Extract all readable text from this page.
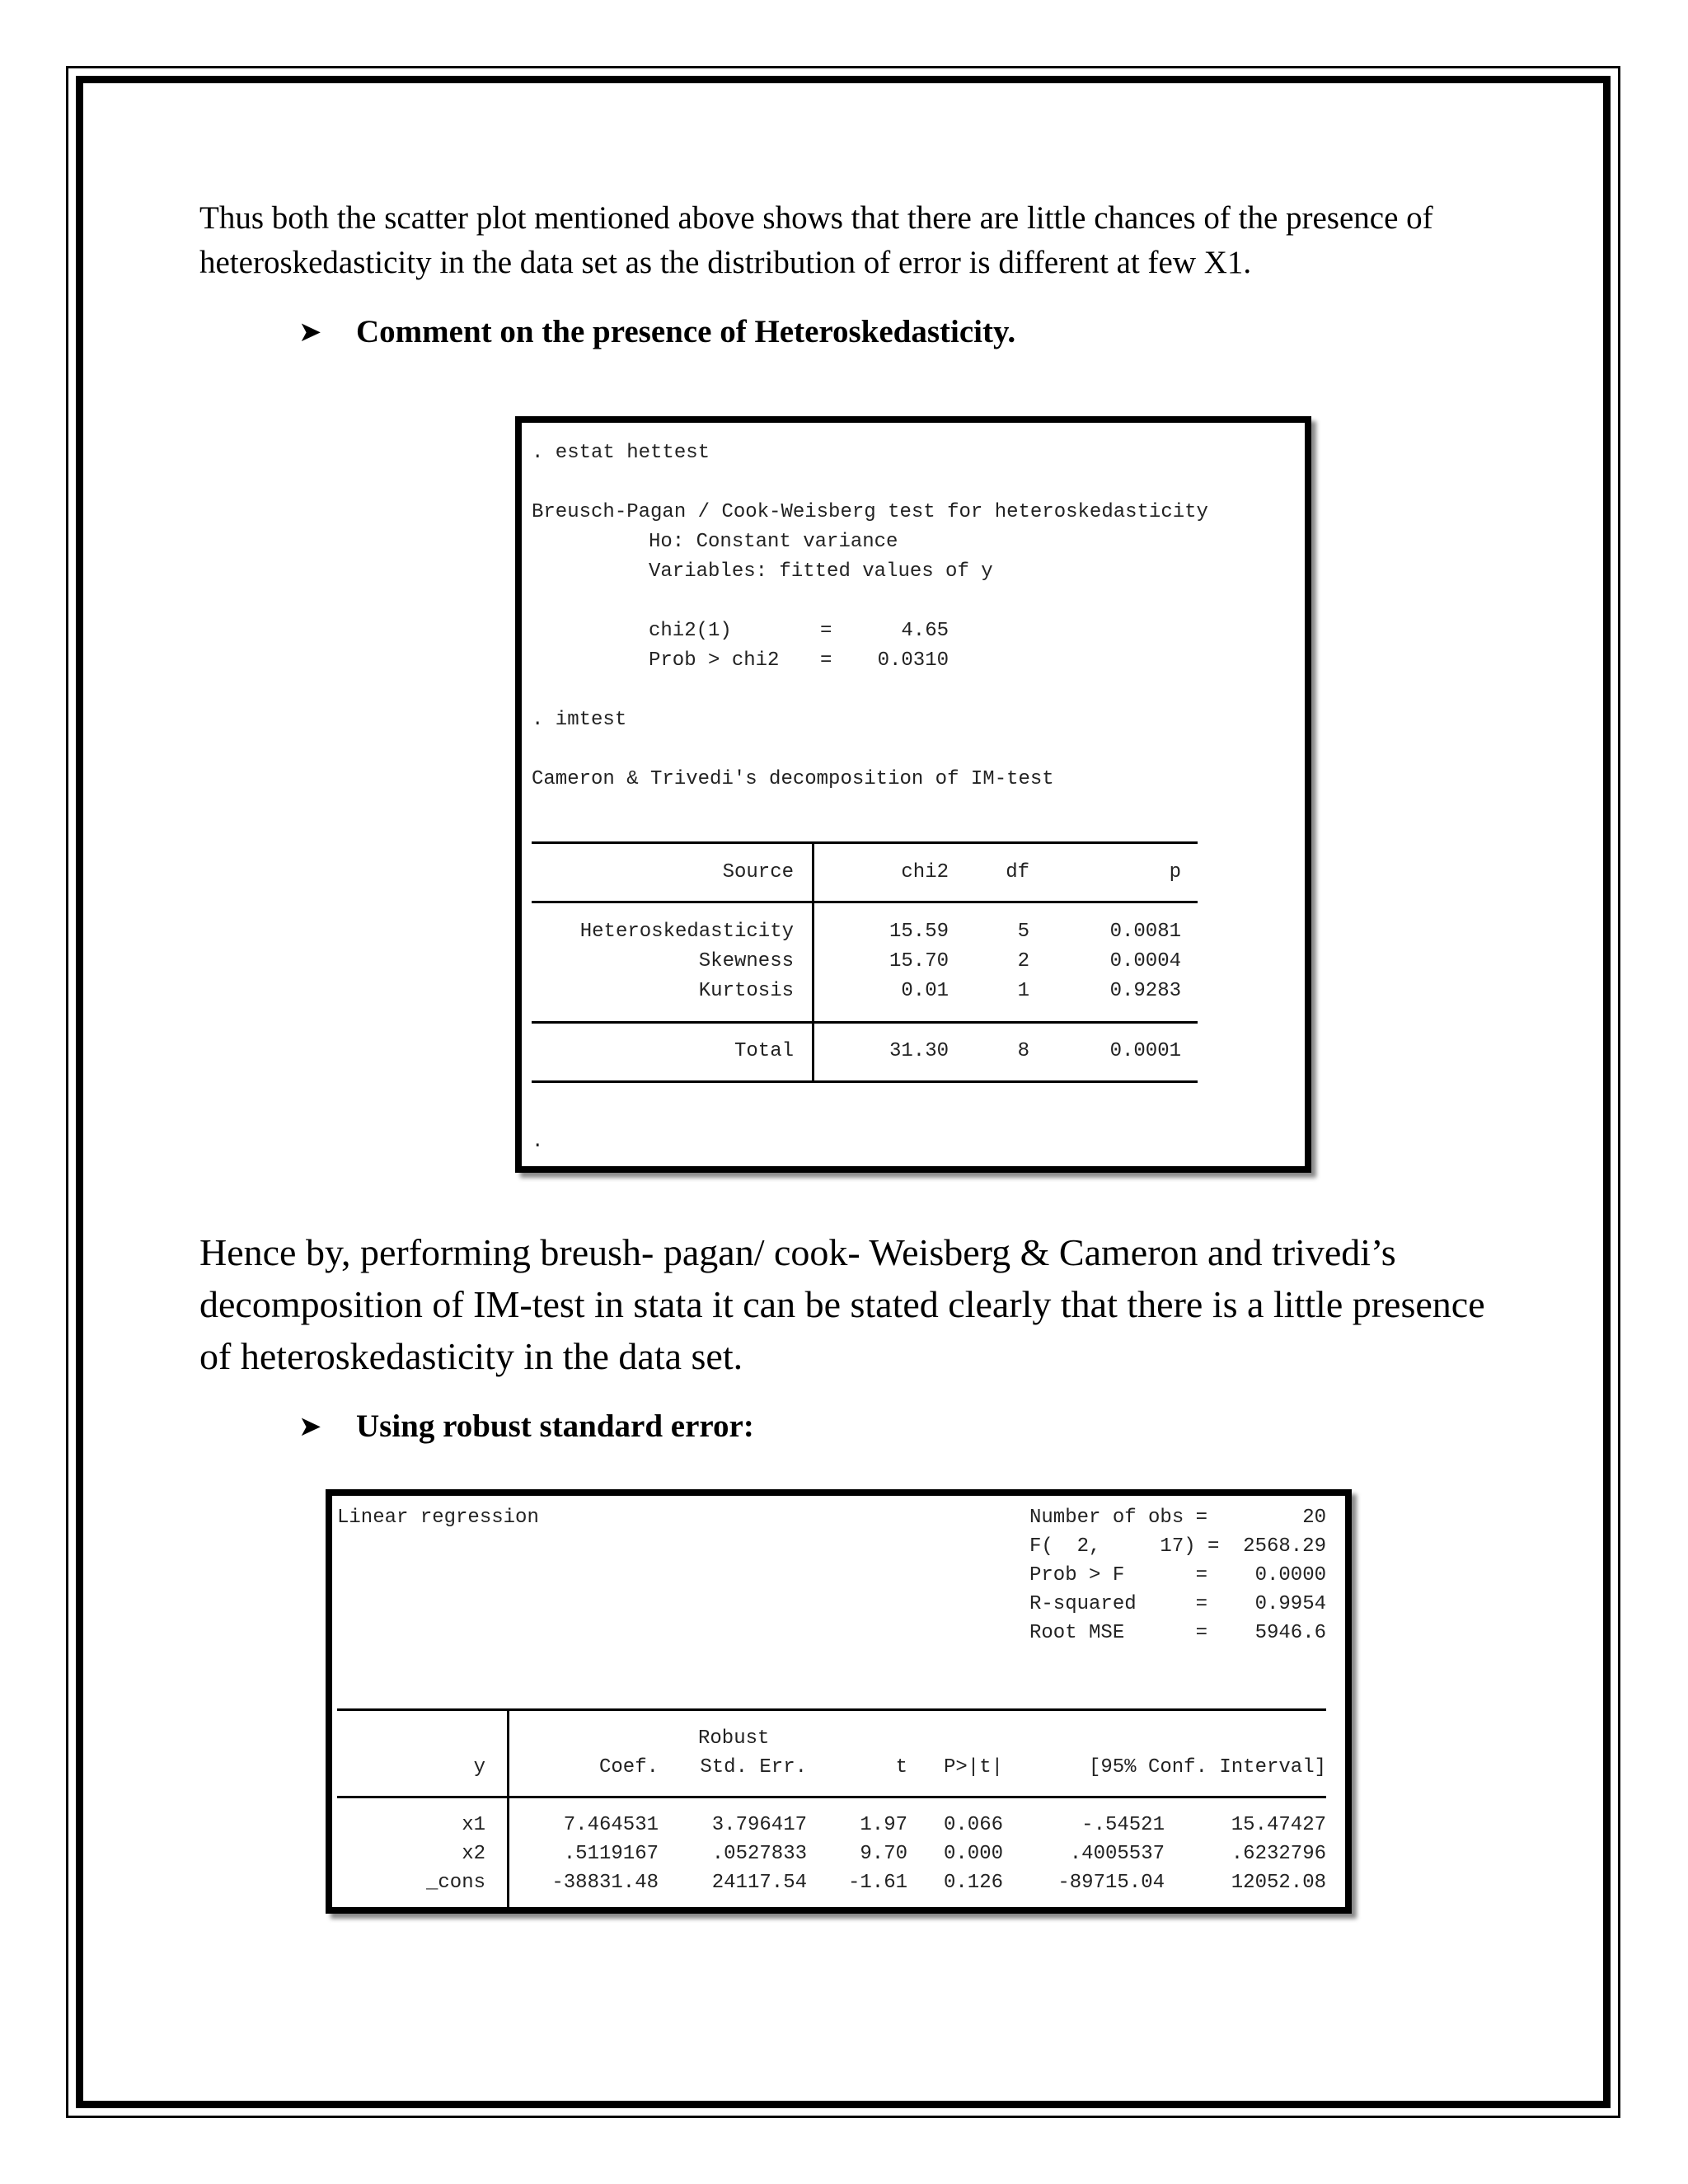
Thus both the scatter plot mentioned above shows that there are little chances of the presence of heteroskedasticity in the data set as the distribution of error is different at few X1.
➤	Comment on the presence of Heteroskedasticity.
. estat hettest
Breusch-Pagan / Cook-Weisberg test for heteroskedasticity
Ho: Constant variance
Variables: fitted values of y
chi2(1)	=	4.65
Prob > chi2 =	0.0310
. imtest
Cameron & Trivedi's decomposition of IM-test
Source	chi2	df	p
Heteroskedasticity	15.59	5	0.0081
Skewness	15.70	2	0.0004
Kurtosis	0.01	1	0.9283
Total	31.30	8	0.0001
.
Hence by, performing breush- pagan/ cook- Weisberg & Cameron and trivedi’s decomposition of IM-test in stata it can be stated clearly that there is a little presence of heteroskedasticity in the data set.
➤	Using robust standard error:
Linear regression	Number of obs =	20
F(  2,     17) =	2568.29
Prob > F      =	0.0000
R-squared     =	0.9954
Root MSE      =	5946.6
Robust
y	Coef.	Std. Err.	t	P>|t|	[95% Conf. Interval]
x1	7.464531	3.796417	1.97	0.066	-.54521	15.47427
x2	.5119167	.0527833	9.70	0.000	.4005537	.6232796
_cons	-38831.48	24117.54	-1.61	0.126	-89715.04	12052.08
